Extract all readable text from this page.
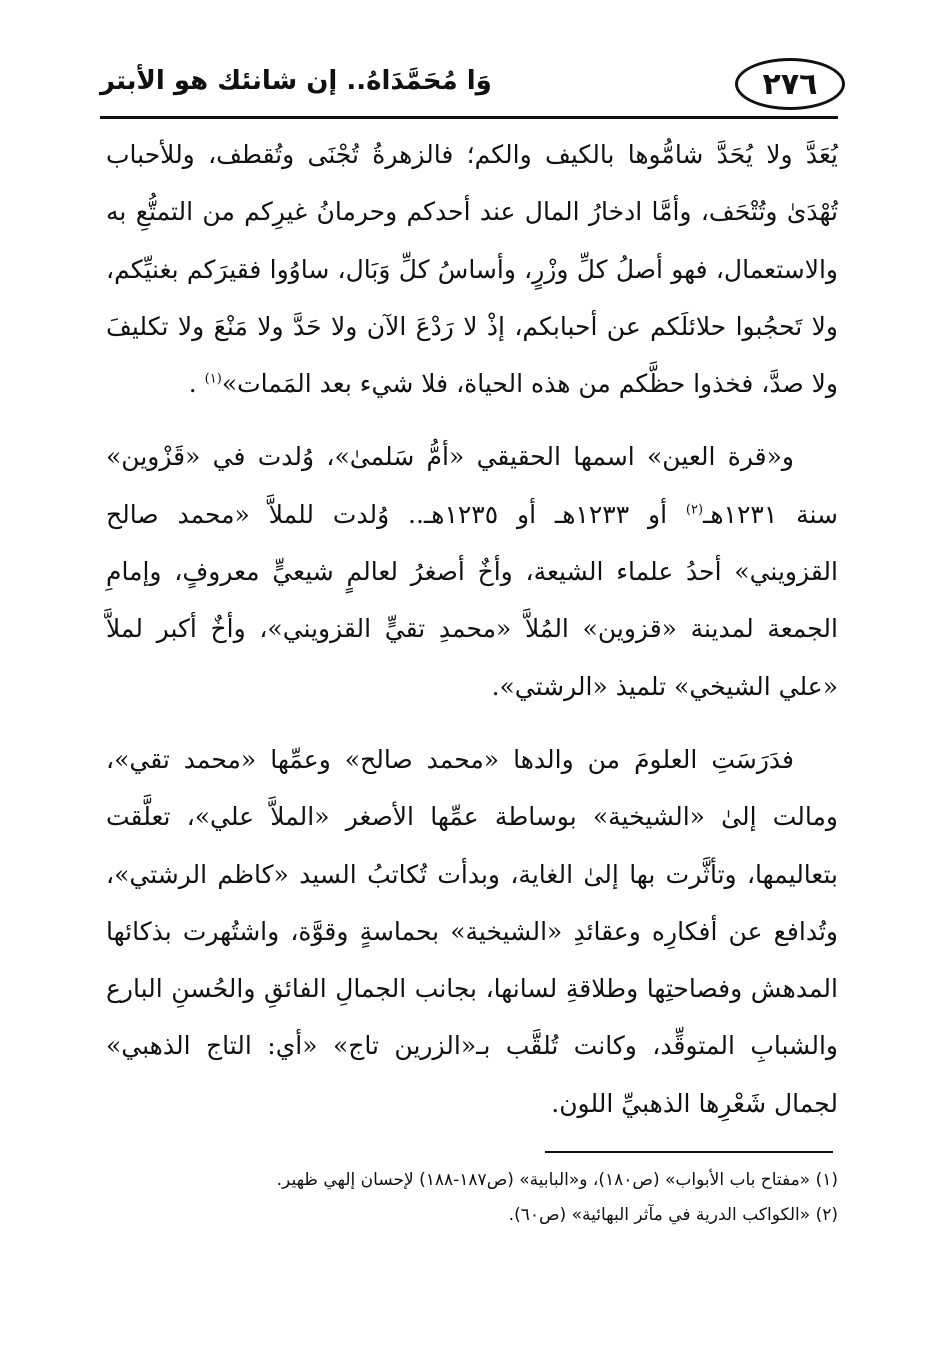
٢٧٦
وَا مُحَمَّدَاهُ.. إن شانئك هو الأبتر

يُعَدَّ ولا يُحَدَّ شامُّوها بالكيف والكم؛ فالزهرةُ تُجْنَى وتُقطف، وللأحباب تُهْدَىٰ وتُتْحَف، وأمَّا ادخارُ المال عند أحدكم وحرمانُ غيرِكم من التمتُّعِ به والاستعمال، فهو أصلُ كلِّ وزْرٍ، وأساسُ كلِّ وَبَال، ساوُوا فقيرَكم بغنيِّكم، ولا تَحجُبوا حلائلَكم عن أحبابكم، إذْ لا رَدْعَ الآن ولا حَدَّ ولا مَنْعَ ولا تكليفَ ولا صدَّ، فخذوا حظَّكم من هذه الحياة، فلا شيء بعد المَمات»$^{(١)}$ .

و«قرة العين» اسمها الحقيقي «أمُّ سَلمىٰ»، وُلدت في «قَزْوين» سنة ١٢٣١هـ$^{(٢)}$ أو ١٢٣٣هـ أو ١٢٣٥هـ.. وُلدت للملاَّ «محمد صالح القزويني» أحدُ علماء الشيعة، وأخٌ أصغرُ لعالمٍ شيعيٍّ معروفٍ، وإمامِ الجمعة لمدينة «قزوين» المُلاَّ «محمدِ تقيٍّ القزويني»، وأخٌ أكبر لملاَّ «علي الشيخي» تلميذ «الرشتي».

فدَرَسَتِ العلومَ من والدها «محمد صالح» وعمِّها «محمد تقي»، ومالت إلىٰ «الشيخية» بوساطة عمِّها الأصغر «الملاَّ علي»، تعلَّقت بتعاليمها، وتأثَّرت بها إلىٰ الغاية، وبدأت تُكاتبُ السيد «كاظم الرشتي»، وتُدافع عن أفكارِه وعقائدِ «الشيخية» بحماسةٍ وقوَّة، واشتُهرت بذكائها المدهش وفصاحتِها وطلاقةِ لسانها، بجانب الجمالِ الفائقِ والحُسنِ البارع والشبابِ المتوقِّد، وكانت تُلقَّب بـ«الزرين تاج» «أي: التاج الذهبي» لجمال شَعْرِها الذهبيِّ اللون.

(١) «مفتاح باب الأبواب» (ص١٨٠)، و«البابية» (ص١٨٧-١٨٨) لإحسان إلهي ظهير.

(٢) «الكواكب الدرية في مآثر البهائية» (ص٦٠).
